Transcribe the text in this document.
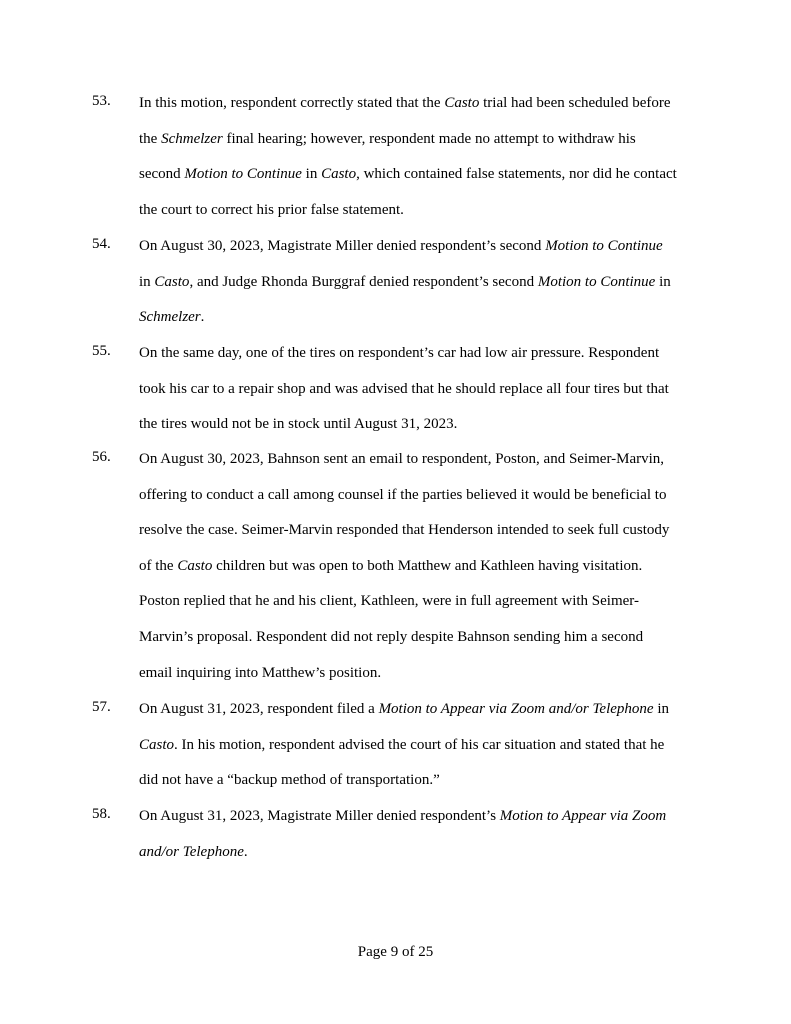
53.	In this motion, respondent correctly stated that the Casto trial had been scheduled before
the Schmelzer final hearing; however, respondent made no attempt to withdraw his
second Motion to Continue in Casto, which contained false statements, nor did he contact
the court to correct his prior false statement.
54.	On August 30, 2023, Magistrate Miller denied respondent’s second Motion to Continue
in Casto, and Judge Rhonda Burggraf denied respondent’s second Motion to Continue in
Schmelzer.
55.	On the same day, one of the tires on respondent’s car had low air pressure. Respondent
took his car to a repair shop and was advised that he should replace all four tires but that
the tires would not be in stock until August 31, 2023.
56.	On August 30, 2023, Bahnson sent an email to respondent, Poston, and Seimer-Marvin,
offering to conduct a call among counsel if the parties believed it would be beneficial to
resolve the case. Seimer-Marvin responded that Henderson intended to seek full custody
of the Casto children but was open to both Matthew and Kathleen having visitation.
Poston replied that he and his client, Kathleen, were in full agreement with Seimer-
Marvin’s proposal. Respondent did not reply despite Bahnson sending him a second
email inquiring into Matthew’s position.
57.	On August 31, 2023, respondent filed a Motion to Appear via Zoom and/or Telephone in
Casto. In his motion, respondent advised the court of his car situation and stated that he
did not have a “backup method of transportation.”
58.	On August 31, 2023, Magistrate Miller denied respondent’s Motion to Appear via Zoom
and/or Telephone.
Page 9 of 25
